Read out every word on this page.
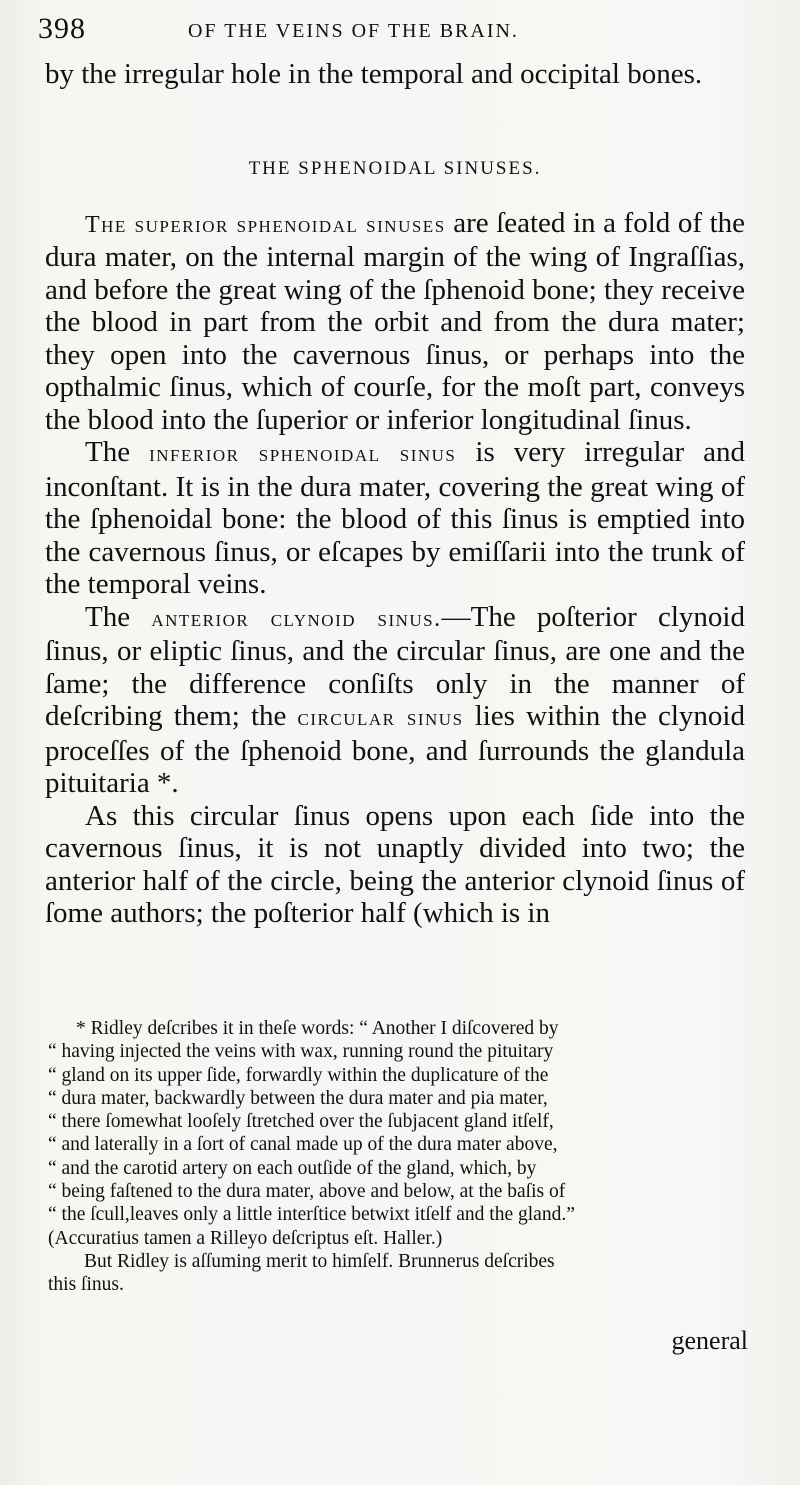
398	OF THE VEINS OF THE BRAIN.

by the irregular hole in the temporal and occipital bones.

THE SPHENOIDAL SINUSES.

The superior sphenoidal sinuses are ſeated in a fold of the dura mater, on the internal margin of the wing of Ingraſſias, and before the great wing of the ſphenoid bone; they receive the blood in part from the orbit and from the dura mater; they open into the cavernous ſinus, or perhaps into the opthalmic ſinus, which of courſe, for the moſt part, conveys the blood into the ſuperior or inferior longitudinal ſinus.

The inferior sphenoidal sinus is very irregular and inconſtant. It is in the dura mater, covering the great wing of the ſphenoidal bone: the blood of this ſinus is emptied into the cavernous ſinus, or eſcapes by emiſſarii into the trunk of the temporal veins.

The anterior clynoid sinus.—The poſterior clynoid ſinus, or eliptic ſinus, and the circular ſinus, are one and the ſame; the difference conſiſts only in the manner of deſcribing them; the circular sinus lies within the clynoid proceſſes of the ſphenoid bone, and ſurrounds the glandula pituitaria *.

As this circular ſinus opens upon each ſide into the cavernous ſinus, it is not unaptly divided into two; the anterior half of the circle, being the anterior clynoid ſinus of ſome authors; the poſterior half (which is in

* Ridley deſcribes it in theſe words: “ Another I diſcovered by

“ having injected the veins with wax, running round the pituitary

“ gland on its upper ſide, forwardly within the duplicature of the

“ dura mater, backwardly between the dura mater and pia mater,

“ there ſomewhat looſely ſtretched over the ſubjacent gland itſelf,

“ and laterally in a ſort of canal made up of the dura mater above,

“ and the carotid artery on each outſide of the gland, which, by

“ being faſtened to the dura mater, above and below, at the baſis of

“ the ſcull,leaves only a little interſtice betwixt itſelf and the gland.”

(Accuratius tamen a Rilleyo deſcriptus eſt. Haller.)

But Ridley is aſſuming merit to himſelf. Brunnerus deſcribes

this ſinus.

general
